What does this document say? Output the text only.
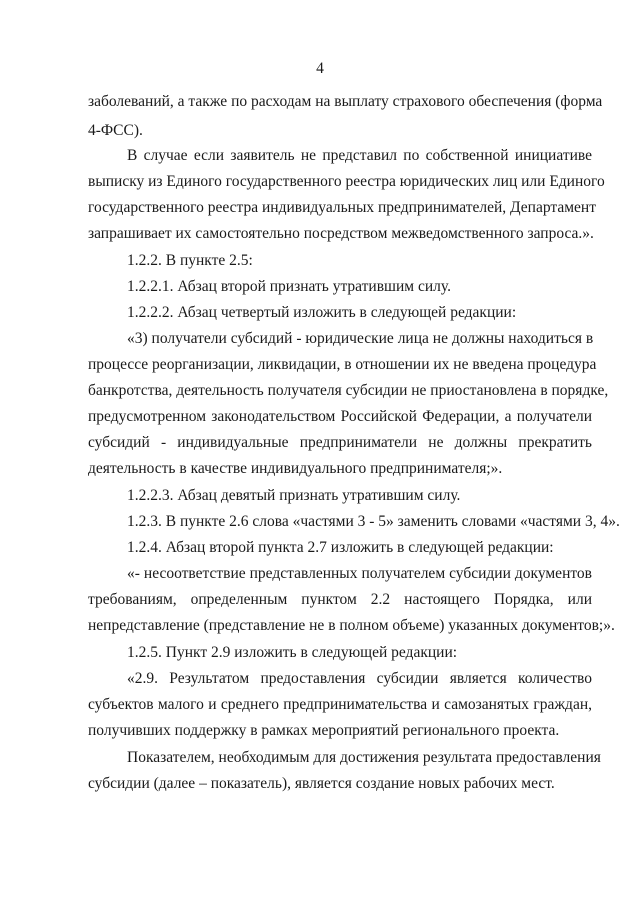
4
заболеваний, а также по расходам на выплату страхового обеспечения (форма
4-ФСС).
В случае если заявитель не представил по собственной инициативе
выписку из Единого государственного реестра юридических лиц или Единого
государственного реестра индивидуальных предпринимателей, Департамент
запрашивает их самостоятельно посредством межведомственного запроса.».
1.2.2. В пункте 2.5:
1.2.2.1. Абзац второй признать утратившим силу.
1.2.2.2. Абзац четвертый изложить в следующей редакции:
«3) получатели субсидий - юридические лица не должны находиться в
процессе реорганизации, ликвидации, в отношении их не введена процедура
банкротства, деятельность получателя субсидии не приостановлена в порядке,
предусмотренном законодательством Российской Федерации, а получатели
субсидий - индивидуальные предприниматели не должны прекратить
деятельность в качестве индивидуального предпринимателя;».
1.2.2.3. Абзац девятый признать утратившим силу.
1.2.3. В пункте 2.6 слова «частями 3 - 5» заменить словами «частями 3, 4».
1.2.4. Абзац второй пункта 2.7 изложить в следующей редакции:
«- несоответствие представленных получателем субсидии документов
требованиям, определенным пунктом 2.2 настоящего Порядка, или
непредставление (представление не в полном объеме) указанных документов;».
1.2.5. Пункт 2.9 изложить в следующей редакции:
«2.9. Результатом предоставления субсидии является количество
субъектов малого и среднего предпринимательства и самозанятых граждан,
получивших поддержку в рамках мероприятий регионального проекта.
Показателем, необходимым для достижения результата предоставления
субсидии (далее – показатель), является создание новых рабочих мест.
